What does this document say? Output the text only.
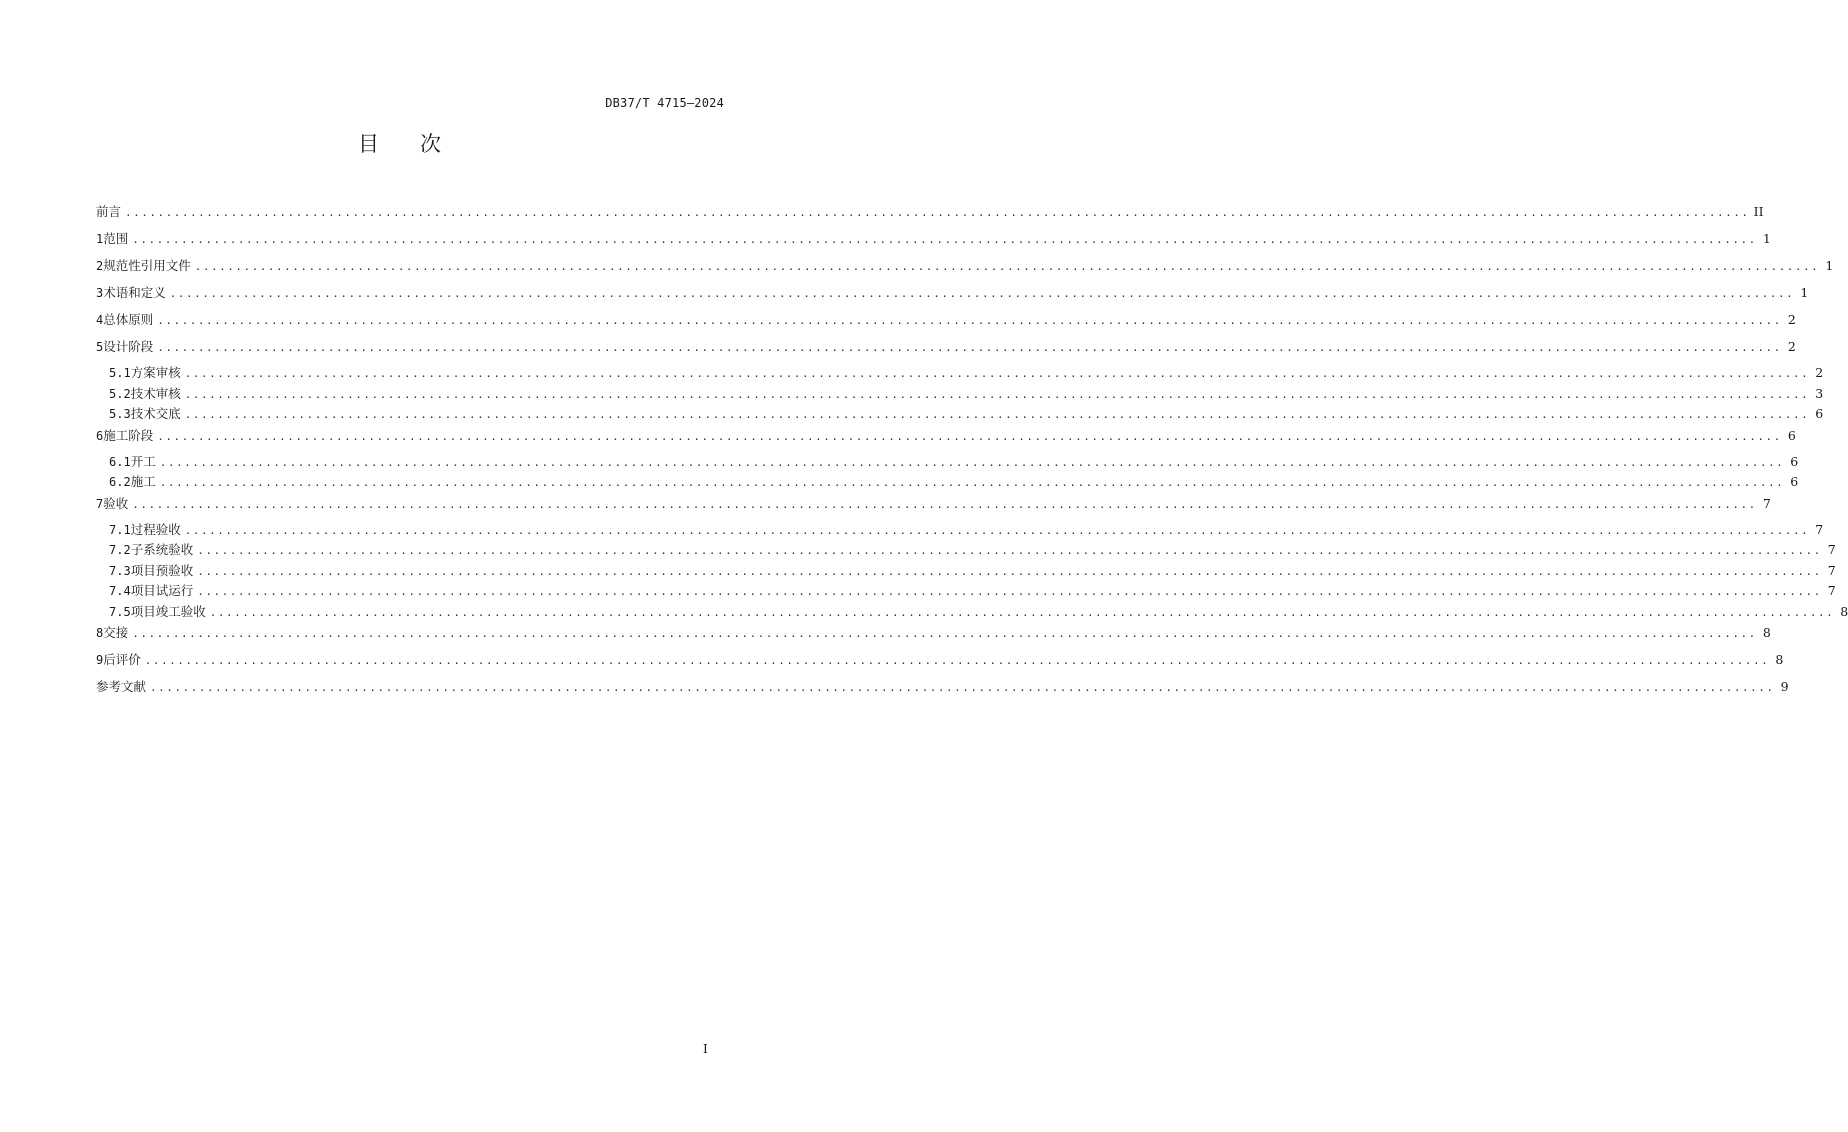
DB37/T 4715—2024
目 次
前言 ........................................................................................................................................................................................................ II
1 范围 ........................................................................................................................................................................................................ 1
2 规范性引用文件 ........................................................................................................................................................................................................ 1
3 术语和定义 ........................................................................................................................................................................................................ 1
4 总体原则 ........................................................................................................................................................................................................ 2
5 设计阶段 ........................................................................................................................................................................................................ 2
5.1 方案审核 ........................................................................................................................................................................................................ 2
5.2 技术审核 ........................................................................................................................................................................................................ 3
5.3 技术交底 ........................................................................................................................................................................................................ 6
6 施工阶段 ........................................................................................................................................................................................................ 6
6.1 开工 ........................................................................................................................................................................................................ 6
6.2 施工 ........................................................................................................................................................................................................ 6
7 验收 ........................................................................................................................................................................................................ 7
7.1 过程验收 ........................................................................................................................................................................................................ 7
7.2 子系统验收 ........................................................................................................................................................................................................ 7
7.3 项目预验收 ........................................................................................................................................................................................................ 7
7.4 项目试运行 ........................................................................................................................................................................................................ 7
7.5 项目竣工验收 ........................................................................................................................................................................................................ 8
8 交接 ........................................................................................................................................................................................................ 8
9 后评价 ........................................................................................................................................................................................................ 8
参考文献 ........................................................................................................................................................................................................ 9
I
